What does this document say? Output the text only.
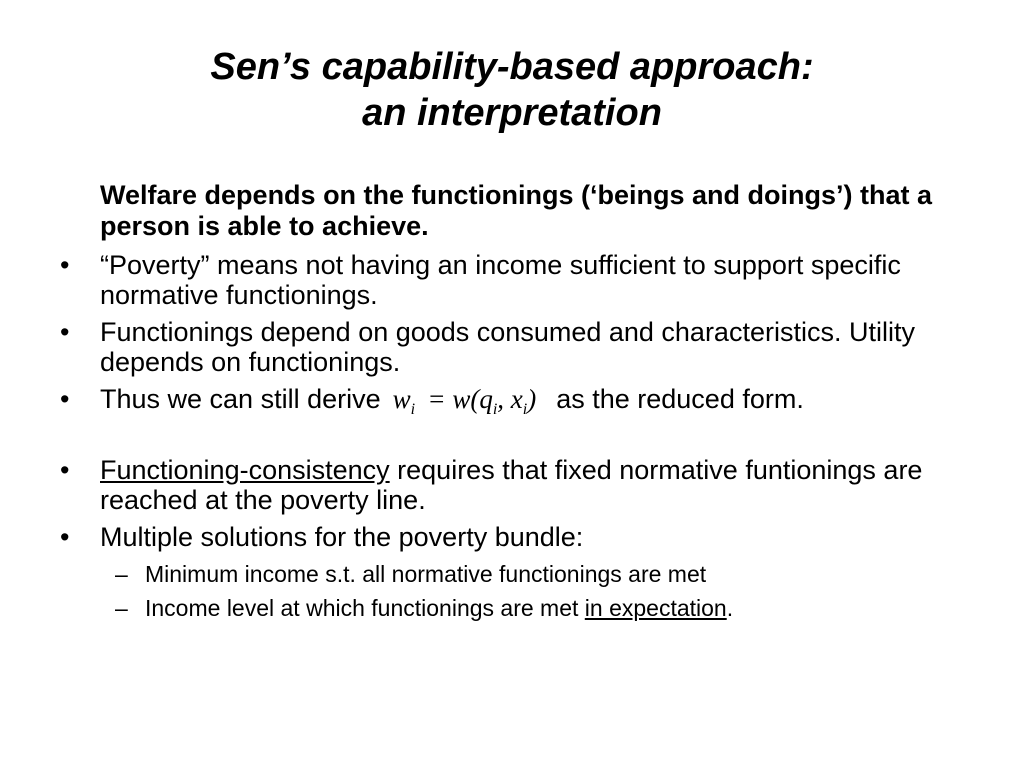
Sen’s capability-based approach:
an interpretation
Welfare depends on the functionings (‘beings and doings’) that a person is able to achieve.
• “Poverty” means not having an income sufficient to support specific normative functionings.
• Functionings depend on goods consumed and characteristics. Utility depends on functionings.
• Thus we can still derive $w_i = w(q_i$, $x_i$) as the reduced form.
• Functioning-consistency requires that fixed normative funtionings are reached at the poverty line.
• Multiple solutions for the poverty bundle:
– Minimum income s.t. all normative functionings are met
– Income level at which functionings are met in expectation.
